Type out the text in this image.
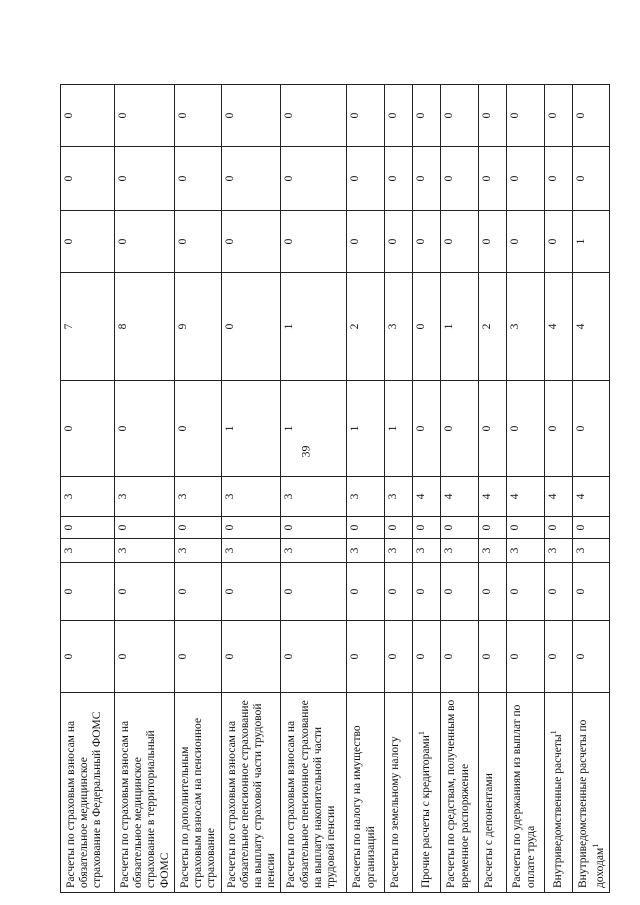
39
Расчеты по страховым взносам на обязательное медицинское страхование в Федеральный ФОМС	0	0	3	0	3	0	7	0	0	0
Расчеты по страховым взносам на обязательное медицинское страхование в территориальный ФОМС	0	0	3	0	3	0	8	0	0	0
Расчеты по дополнительным страховым взносам на пенсионное страхование	0	0	3	0	3	0	9	0	0	0
Расчеты по страховым взносам на обязательное пенсионное страхование на выплату страховой части трудовой пенсии	0	0	3	0	3	1	0	0	0	0
Расчеты по страховым взносам на обязательное пенсионное страхование на выплату накопительной части трудовой пенсии	0	0	3	0	3	1	1	0	0	0
Расчеты по налогу на имущество организаций	0	0	3	0	3	1	2	0	0	0
Расчеты по земельному налогу	0	0	3	0	3	1	3	0	0	0
Прочие расчеты с кредиторами$^1$	0	0	3	0	4	0	0	0	0	0
Расчеты по средствам, полученным во временное распоряжение	0	0	3	0	4	0	1	0	0	0
Расчеты с депонентами	0	0	3	0	4	0	2	0	0	0
Расчеты по удержаниям из выплат по оплате труда	0	0	3	0	4	0	3	0	0	0
Внутриведомственные расчеты$^1$	0	0	3	0	4	0	4	0	0	0
Внутриведомственные расчеты по доходам$^1$	0	0	3	0	4	0	4	1	0	0
